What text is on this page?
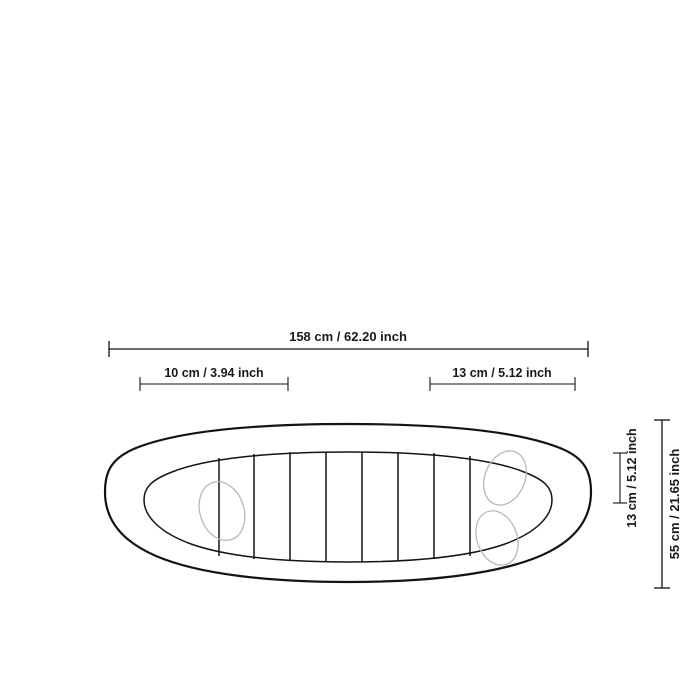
158 cm / 62.20 inch
10 cm / 3.94 inch	13 cm / 5.12 inch
13 cm / 5.12 inch 55 cm / 21.65 inch
